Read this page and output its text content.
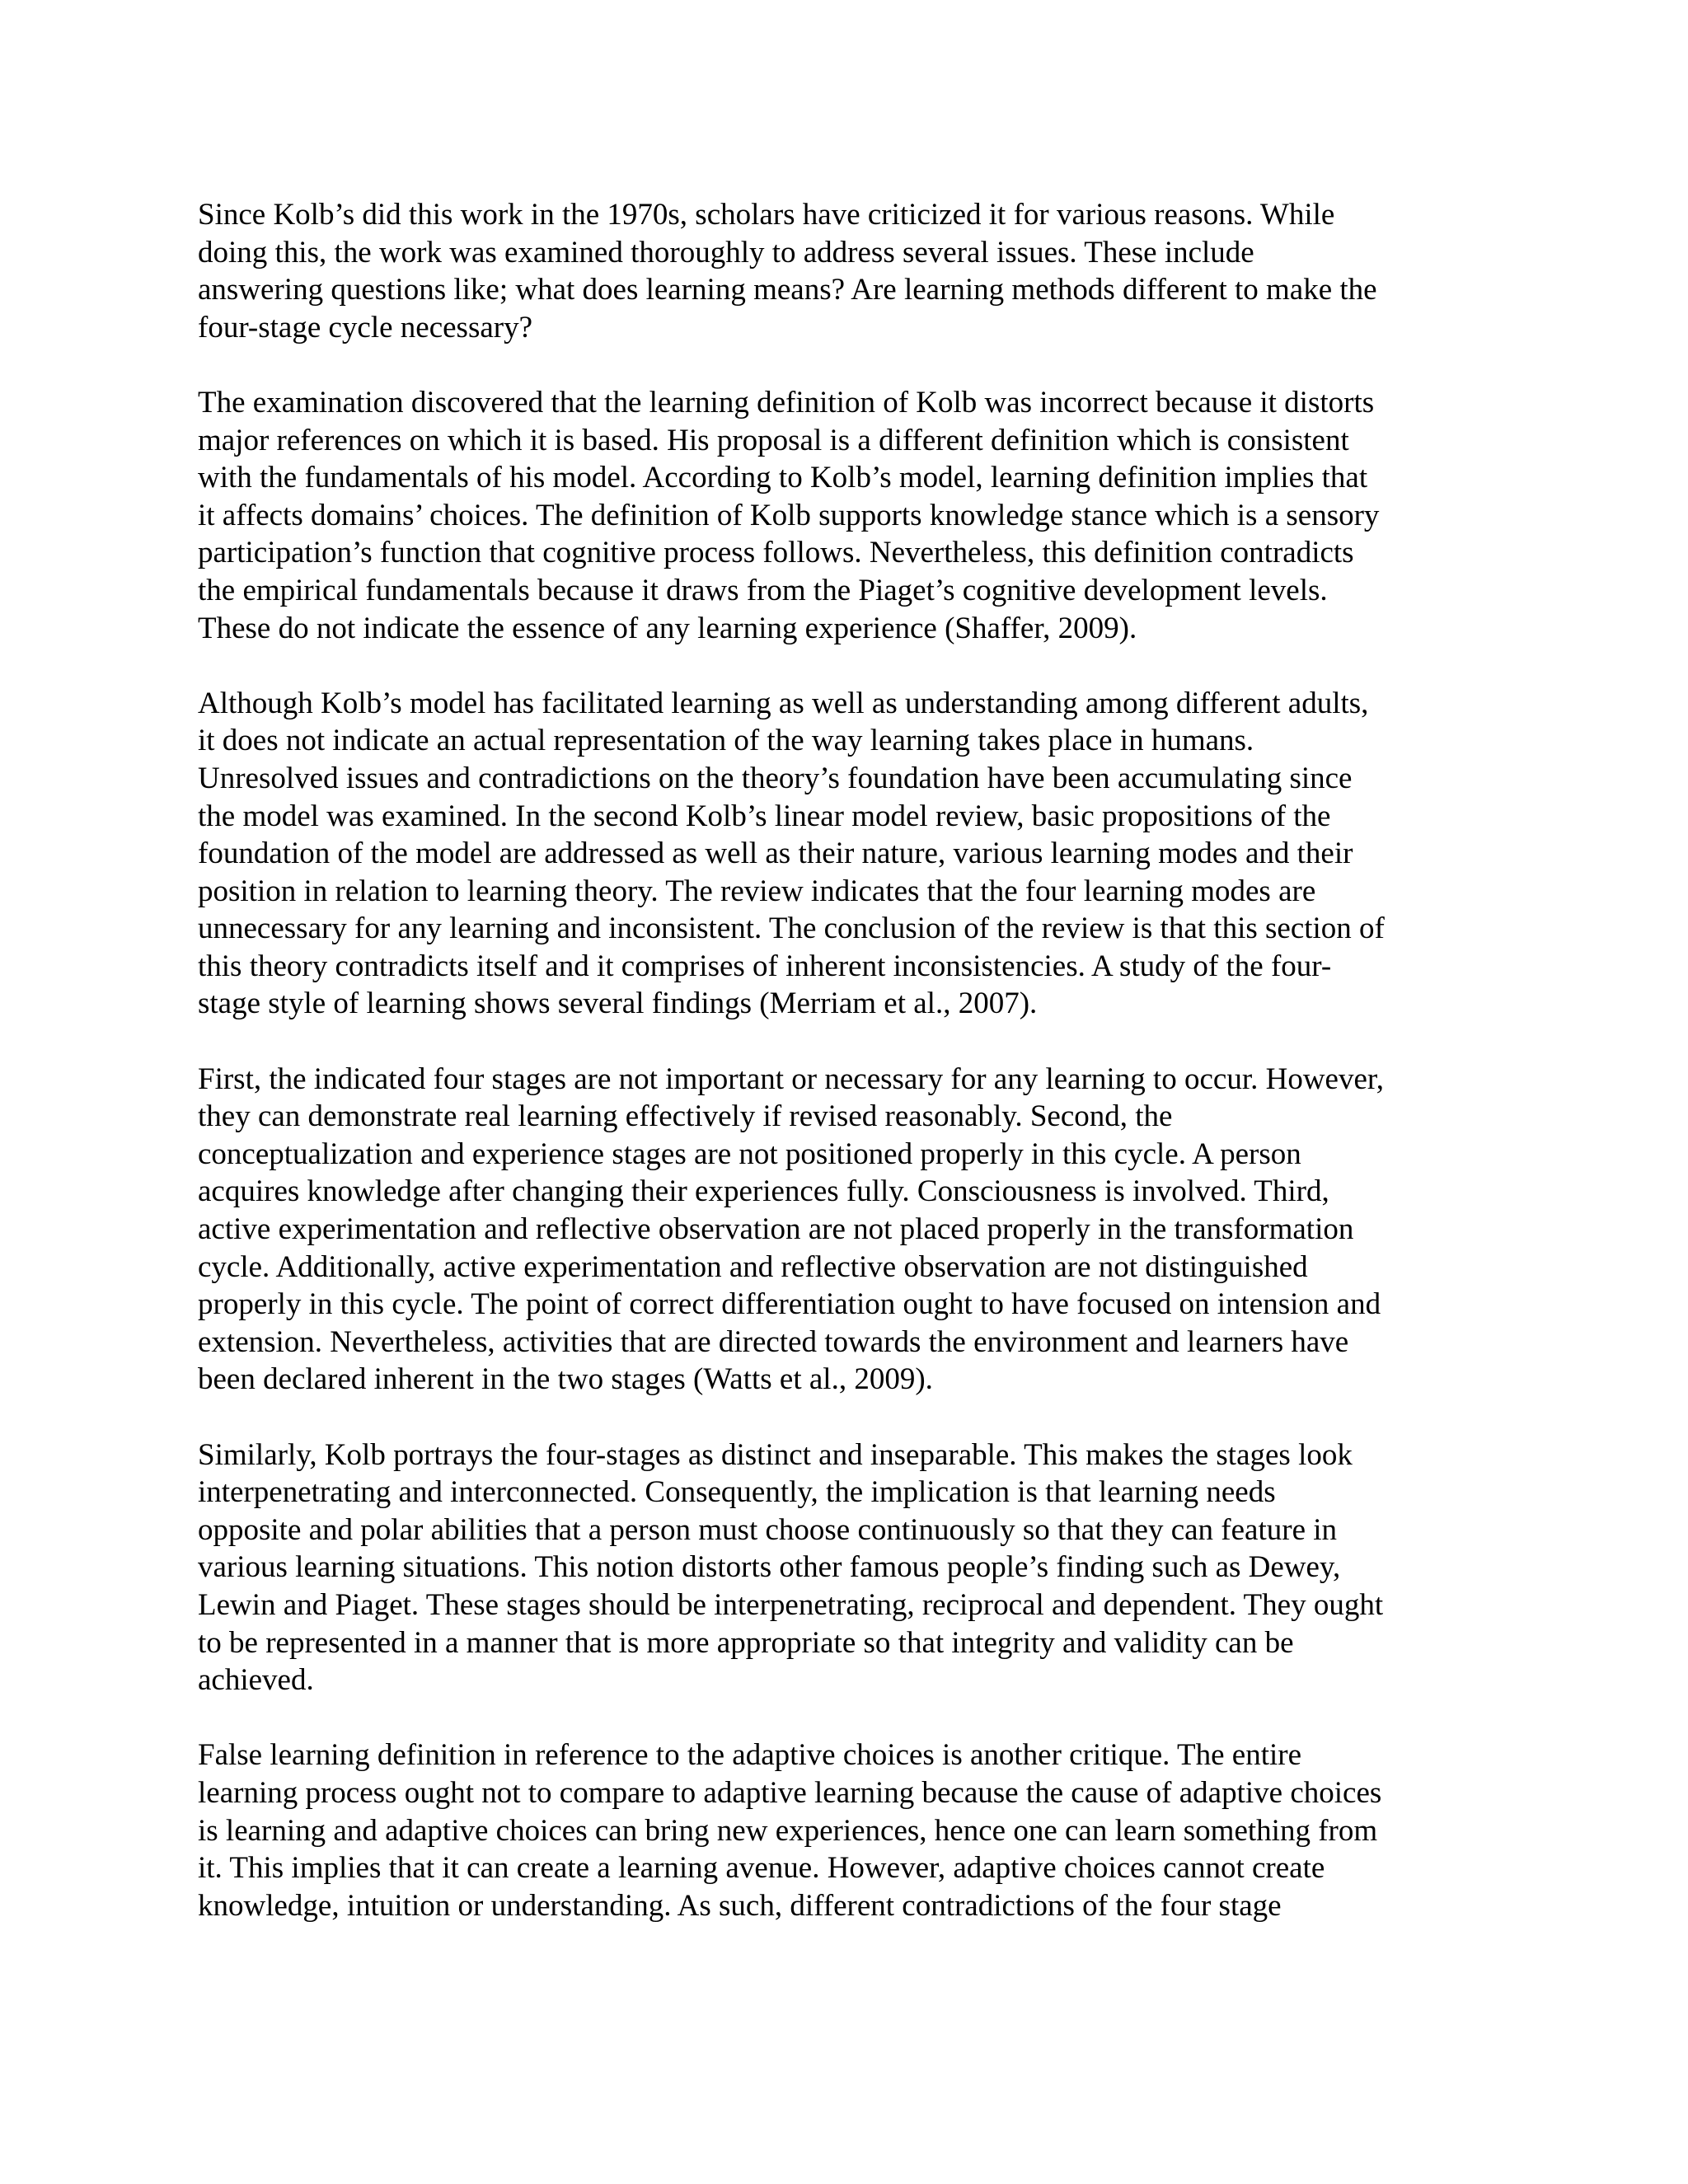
Since Kolb’s did this work in the 1970s, scholars have criticized it for various reasons. While
doing this, the work was examined thoroughly to address several issues. These include
answering questions like; what does learning means? Are learning methods different to make the
four-stage cycle necessary?

The examination discovered that the learning definition of Kolb was incorrect because it distorts
major references on which it is based. His proposal is a different definition which is consistent
with the fundamentals of his model. According to Kolb’s model, learning definition implies that
it affects domains’ choices. The definition of Kolb supports knowledge stance which is a sensory
participation’s function that cognitive process follows. Nevertheless, this definition contradicts
the empirical fundamentals because it draws from the Piaget’s cognitive development levels.
These do not indicate the essence of any learning experience (Shaffer, 2009).

Although Kolb’s model has facilitated learning as well as understanding among different adults,
it does not indicate an actual representation of the way learning takes place in humans.
Unresolved issues and contradictions on the theory’s foundation have been accumulating since
the model was examined. In the second Kolb’s linear model review, basic propositions of the
foundation of the model are addressed as well as their nature, various learning modes and their
position in relation to learning theory. The review indicates that the four learning modes are
unnecessary for any learning and inconsistent. The conclusion of the review is that this section of
this theory contradicts itself and it comprises of inherent inconsistencies. A study of the four-
stage style of learning shows several findings (Merriam et al., 2007).

First, the indicated four stages are not important or necessary for any learning to occur. However,
they can demonstrate real learning effectively if revised reasonably. Second, the
conceptualization and experience stages are not positioned properly in this cycle. A person
acquires knowledge after changing their experiences fully. Consciousness is involved. Third,
active experimentation and reflective observation are not placed properly in the transformation
cycle. Additionally, active experimentation and reflective observation are not distinguished
properly in this cycle. The point of correct differentiation ought to have focused on intension and
extension. Nevertheless, activities that are directed towards the environment and learners have
been declared inherent in the two stages (Watts et al., 2009).

Similarly, Kolb portrays the four-stages as distinct and inseparable. This makes the stages look
interpenetrating and interconnected. Consequently, the implication is that learning needs
opposite and polar abilities that a person must choose continuously so that they can feature in
various learning situations. This notion distorts other famous people’s finding such as Dewey,
Lewin and Piaget. These stages should be interpenetrating, reciprocal and dependent. They ought
to be represented in a manner that is more appropriate so that integrity and validity can be
achieved.

False learning definition in reference to the adaptive choices is another critique. The entire
learning process ought not to compare to adaptive learning because the cause of adaptive choices
is learning and adaptive choices can bring new experiences, hence one can learn something from
it. This implies that it can create a learning avenue. However, adaptive choices cannot create
knowledge, intuition or understanding. As such, different contradictions of the four stage
